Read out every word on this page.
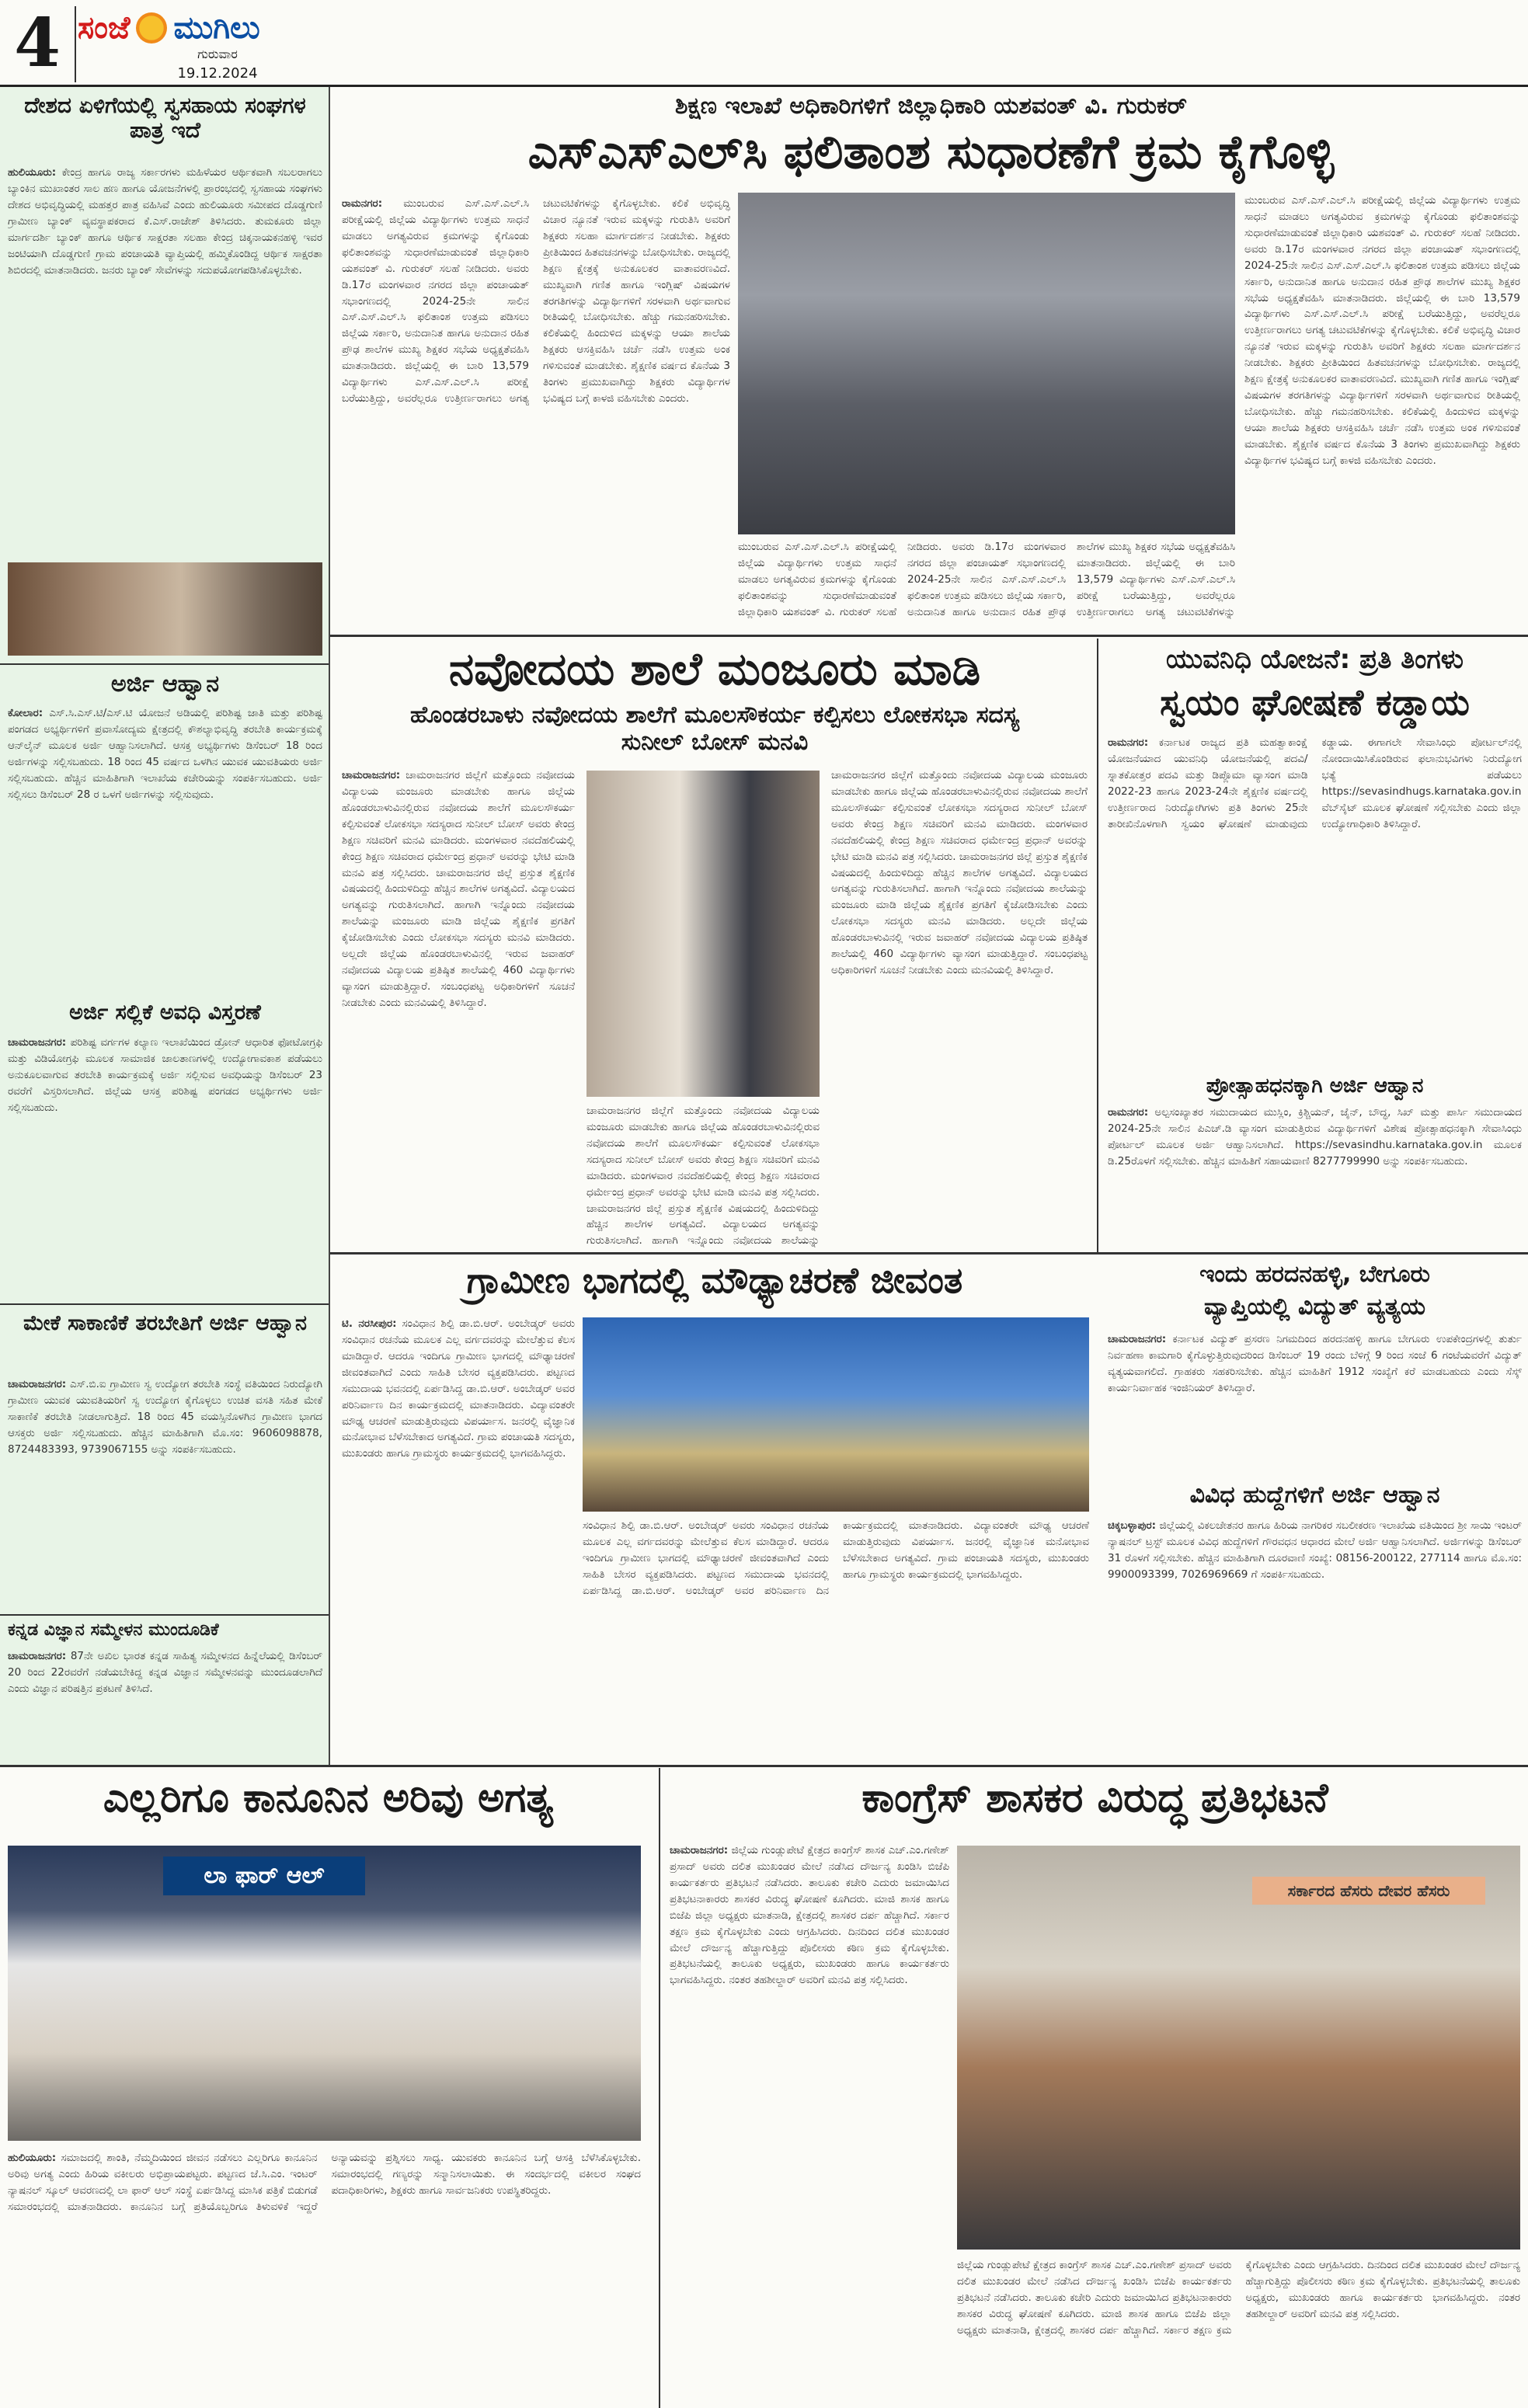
4 ಸಂಜೆ ಮುಗಿಲು
ಗುರುವಾರ
19.12.2024
ದೇಶದ ಏಳಿಗೆಯಲ್ಲಿ ಸ್ವಸಹಾಯ ಸಂಘಗಳ ಪಾತ್ರ ಇದೆ
ಹುಲಿಯೂರು: ಕೇಂದ್ರ ಹಾಗೂ ರಾಜ್ಯ ಸರ್ಕಾರಗಳು ಮಹಿಳೆಯರ ಆರ್ಥಿಕವಾಗಿ ಸಬಲರಾಗಲು ಬ್ಯಾಂಕಿನ ಮುಖಾಂತರ ಸಾಲ ಹಣ ಹಾಗೂ ಯೋಜನೆಗಳಲ್ಲಿ ಪ್ರಾರಂಭದಲ್ಲಿ ಸ್ವಸಹಾಯ ಸಂಘಗಳು ದೇಶದ ಅಭಿವೃದ್ಧಿಯಲ್ಲಿ ಮಹತ್ತರ ಪಾತ್ರ ವಹಿಸಿವೆ ಎಂದು ಹುಲಿಯೂರು ಸಮೀಪದ ದೊಡ್ಡಗುಣಿ ಗ್ರಾಮೀಣ ಬ್ಯಾಂಕ್ ವ್ಯವಸ್ಥಾಪಕರಾದ ಕೆ.ಎಸ್.ರಾಜೇಶ್ ತಿಳಿಸಿದರು. ತುಮಕೂರು ಜಿಲ್ಲಾ ಮಾರ್ಗದರ್ಶಿ ಬ್ಯಾಂಕ್ ಹಾಗೂ ಆರ್ಥಿಕ ಸಾಕ್ಷರತಾ ಸಲಹಾ ಕೇಂದ್ರ ಚಿಕ್ಕನಾಯಕನಹಳ್ಳಿ ಇವರ ಜಂಟಿಯಾಗಿ ದೊಡ್ಡಗುಣಿ ಗ್ರಾಮ ಪಂಚಾಯತಿ ವ್ಯಾಪ್ತಿಯಲ್ಲಿ ಹಮ್ಮಿಕೊಂಡಿದ್ದ ಆರ್ಥಿಕ ಸಾಕ್ಷರತಾ ಶಿಬಿರದಲ್ಲಿ ಮಾತನಾಡಿದರು. ಜನರು ಬ್ಯಾಂಕ್ ಸೇವೆಗಳನ್ನು ಸದುಪಯೋಗಪಡಿಸಿಕೊಳ್ಳಬೇಕು.
ಅರ್ಜಿ ಆಹ್ವಾನ
ಕೋಲಾರ: ಎಸ್.ಸಿ.ಎಸ್.ಟಿ/ಎಸ್.ಟಿ ಯೋಜನೆ ಅಡಿಯಲ್ಲಿ ಪರಿಶಿಷ್ಟ ಜಾತಿ ಮತ್ತು ಪರಿಶಿಷ್ಟ ಪಂಗಡದ ಅಭ್ಯರ್ಥಿಗಳಿಗೆ ಪ್ರವಾಸೋದ್ಯಮ ಕ್ಷೇತ್ರದಲ್ಲಿ ಕೌಶಲ್ಯಾಭಿವೃದ್ಧಿ ತರಬೇತಿ ಕಾರ್ಯಕ್ರಮಕ್ಕೆ ಆನ್‌ಲೈನ್ ಮೂಲಕ ಅರ್ಜಿ ಆಹ್ವಾನಿಸಲಾಗಿದೆ. ಆಸಕ್ತ ಅಭ್ಯರ್ಥಿಗಳು ಡಿಸೆಂಬರ್ 18 ರಿಂದ ಅರ್ಜಿಗಳನ್ನು ಸಲ್ಲಿಸಬಹುದು. 18 ರಿಂದ 45 ವರ್ಷದ ಒಳಗಿನ ಯುವಕ ಯುವತಿಯರು ಅರ್ಜಿ ಸಲ್ಲಿಸಬಹುದು. ಹೆಚ್ಚಿನ ಮಾಹಿತಿಗಾಗಿ ಇಲಾಖೆಯ ಕಚೇರಿಯನ್ನು ಸಂಪರ್ಕಿಸಬಹುದು. ಅರ್ಜಿ ಸಲ್ಲಿಸಲು ಡಿಸೆಂಬರ್ 28 ರ ಒಳಗೆ ಅರ್ಜಿಗಳನ್ನು ಸಲ್ಲಿಸುವುದು.
ಅರ್ಜಿ ಸಲ್ಲಿಕೆ ಅವಧಿ ವಿಸ್ತರಣೆ
ಚಾಮರಾಜನಗರ: ಪರಿಶಿಷ್ಟ ವರ್ಗಗಳ ಕಲ್ಯಾಣ ಇಲಾಖೆಯಿಂದ ಡ್ರೋನ್ ಆಧಾರಿತ ಫೋಟೋಗ್ರಫಿ ಮತ್ತು ವಿಡಿಯೋಗ್ರಫಿ ಮೂಲಕ ಸಾಮಾಜಿಕ ಜಾಲತಾಣಗಳಲ್ಲಿ ಉದ್ಯೋಗಾವಕಾಶ ಪಡೆಯಲು ಅನುಕೂಲವಾಗುವ ತರಬೇತಿ ಕಾರ್ಯಕ್ರಮಕ್ಕೆ ಅರ್ಜಿ ಸಲ್ಲಿಸುವ ಅವಧಿಯನ್ನು ಡಿಸೆಂಬರ್ 23 ರವರೆಗೆ ವಿಸ್ತರಿಸಲಾಗಿದೆ. ಜಿಲ್ಲೆಯ ಆಸಕ್ತ ಪರಿಶಿಷ್ಟ ಪಂಗಡದ ಅಭ್ಯರ್ಥಿಗಳು ಅರ್ಜಿ ಸಲ್ಲಿಸಬಹುದು.
ಮೇಕೆ ಸಾಕಾಣಿಕೆ ತರಬೇತಿಗೆ ಅರ್ಜಿ ಆಹ್ವಾನ
ಚಾಮರಾಜನಗರ: ಎಸ್.ಬಿ.ಐ ಗ್ರಾಮೀಣ ಸ್ವ ಉದ್ಯೋಗ ತರಬೇತಿ ಸಂಸ್ಥೆ ವತಿಯಿಂದ ನಿರುದ್ಯೋಗಿ ಗ್ರಾಮೀಣ ಯುವಕ ಯುವತಿಯರಿಗೆ ಸ್ವ ಉದ್ಯೋಗ ಕೈಗೊಳ್ಳಲು ಉಚಿತ ವಸತಿ ಸಹಿತ ಮೇಕೆ ಸಾಕಾಣಿಕೆ ತರಬೇತಿ ನೀಡಲಾಗುತ್ತಿದೆ. 18 ರಿಂದ 45 ವಯಸ್ಸಿನೊಳಗಿನ ಗ್ರಾಮೀಣ ಭಾಗದ ಆಸಕ್ತರು ಅರ್ಜಿ ಸಲ್ಲಿಸಬಹುದು. ಹೆಚ್ಚಿನ ಮಾಹಿತಿಗಾಗಿ ಮೊ.ಸಂ: 9606098878, 8724483393, 9739067155 ಅನ್ನು ಸಂಪರ್ಕಿಸಬಹುದು.
ಕನ್ನಡ ವಿಜ್ಞಾನ ಸಮ್ಮೇಳನ ಮುಂದೂಡಿಕೆ
ಚಾಮರಾಜನಗರ: 87ನೇ ಅಖಿಲ ಭಾರತ ಕನ್ನಡ ಸಾಹಿತ್ಯ ಸಮ್ಮೇಳನದ ಹಿನ್ನೆಲೆಯಲ್ಲಿ ಡಿಸೆಂಬರ್ 20 ರಿಂದ 22ರವರೆಗೆ ನಡೆಯಬೇಕಿದ್ದ ಕನ್ನಡ ವಿಜ್ಞಾನ ಸಮ್ಮೇಳನವನ್ನು ಮುಂದೂಡಲಾಗಿದೆ ಎಂದು ವಿಜ್ಞಾನ ಪರಿಷತ್ತಿನ ಪ್ರಕಟಣೆ ತಿಳಿಸಿದೆ.
ಶಿಕ್ಷಣ ಇಲಾಖೆ ಅಧಿಕಾರಿಗಳಿಗೆ ಜಿಲ್ಲಾಧಿಕಾರಿ ಯಶವಂತ್ ವಿ. ಗುರುಕರ್
ಎಸ್‌ಎಸ್‌ಎಲ್‌ಸಿ ಫಲಿತಾಂಶ ಸುಧಾರಣೆಗೆ ಕ್ರಮ ಕೈಗೊಳ್ಳಿ
ರಾಮನಗರ: ಮುಂಬರುವ ಎಸ್.ಎಸ್.ಎಲ್.ಸಿ ಪರೀಕ್ಷೆಯಲ್ಲಿ ಜಿಲ್ಲೆಯ ವಿದ್ಯಾರ್ಥಿಗಳು ಉತ್ತಮ ಸಾಧನೆ ಮಾಡಲು ಅಗತ್ಯವಿರುವ ಕ್ರಮಗಳನ್ನು ಕೈಗೊಂಡು ಫಲಿತಾಂಶವನ್ನು ಸುಧಾರಣೆಮಾಡುವಂತೆ ಜಿಲ್ಲಾಧಿಕಾರಿ ಯಶವಂತ್ ವಿ. ಗುರುಕರ್ ಸಲಹೆ ನೀಡಿದರು. ಅವರು ಡಿ.17ರ ಮಂಗಳವಾರ ನಗರದ ಜಿಲ್ಲಾ ಪಂಚಾಯತ್ ಸಭಾಂಗಣದಲ್ಲಿ 2024-25ನೇ ಸಾಲಿನ ಎಸ್.ಎಸ್.ಎಲ್.ಸಿ ಫಲಿತಾಂಶ ಉತ್ತಮ ಪಡಿಸಲು ಜಿಲ್ಲೆಯ ಸರ್ಕಾರಿ, ಅನುದಾನಿತ ಹಾಗೂ ಅನುದಾನ ರಹಿತ ಪ್ರೌಢ ಶಾಲೆಗಳ ಮುಖ್ಯ ಶಿಕ್ಷಕರ ಸಭೆಯ ಅಧ್ಯಕ್ಷತೆವಹಿಸಿ ಮಾತನಾಡಿದರು. ಜಿಲ್ಲೆಯಲ್ಲಿ ಈ ಬಾರಿ 13,579 ವಿದ್ಯಾರ್ಥಿಗಳು ಎಸ್.ಎಸ್.ಎಲ್.ಸಿ ಪರೀಕ್ಷೆ ಬರೆಯುತ್ತಿದ್ದು, ಅವರೆಲ್ಲರೂ ಉತ್ತೀರ್ಣರಾಗಲು ಅಗತ್ಯ ಚಟುವಟಿಕೆಗಳನ್ನು ಕೈಗೊಳ್ಳಬೇಕು. ಕಲಿಕೆ ಅಭಿವೃದ್ಧಿ ವಿಚಾರ ನ್ಯೂನತೆ ಇರುವ ಮಕ್ಕಳನ್ನು ಗುರುತಿಸಿ ಅವರಿಗೆ ಶಿಕ್ಷಕರು ಸಲಹಾ ಮಾರ್ಗದರ್ಶನ ನೀಡಬೇಕು. ಶಿಕ್ಷಕರು ಪ್ರೀತಿಯಿಂದ ಹಿತವಚನಗಳನ್ನು ಬೋಧಿಸಬೇಕು. ರಾಜ್ಯದಲ್ಲಿ ಶಿಕ್ಷಣ ಕ್ಷೇತ್ರಕ್ಕೆ ಅನುಕೂಲಕರ ವಾತಾವರಣವಿದೆ. ಮುಖ್ಯವಾಗಿ ಗಣಿತ ಹಾಗೂ ಇಂಗ್ಲಿಷ್ ವಿಷಯಗಳ ತರಗತಿಗಳನ್ನು ವಿದ್ಯಾರ್ಥಿಗಳಿಗೆ ಸರಳವಾಗಿ ಅರ್ಥವಾಗುವ ರೀತಿಯಲ್ಲಿ ಬೋಧಿಸಬೇಕು. ಹೆಚ್ಚು ಗಮನಹರಿಸಬೇಕು. ಕಲಿಕೆಯಲ್ಲಿ ಹಿಂದುಳಿದ ಮಕ್ಕಳನ್ನು ಆಯಾ ಶಾಲೆಯ ಶಿಕ್ಷಕರು ಆಸಕ್ತಿವಹಿಸಿ ಚರ್ಚೆ ನಡೆಸಿ ಉತ್ತಮ ಅಂಕ ಗಳಿಸುವಂತೆ ಮಾಡಬೇಕು. ಶೈಕ್ಷಣಿಕ ವರ್ಷದ ಕೊನೆಯ 3 ತಿಂಗಳು ಪ್ರಮುಖವಾಗಿದ್ದು ಶಿಕ್ಷಕರು ವಿದ್ಯಾರ್ಥಿಗಳ ಭವಿಷ್ಯದ ಬಗ್ಗೆ ಕಾಳಜಿ ವಹಿಸಬೇಕು ಎಂದರು.
ಮುಂಬರುವ ಎಸ್.ಎಸ್.ಎಲ್.ಸಿ ಪರೀಕ್ಷೆಯಲ್ಲಿ ಜಿಲ್ಲೆಯ ವಿದ್ಯಾರ್ಥಿಗಳು ಉತ್ತಮ ಸಾಧನೆ ಮಾಡಲು ಅಗತ್ಯವಿರುವ ಕ್ರಮಗಳನ್ನು ಕೈಗೊಂಡು ಫಲಿತಾಂಶವನ್ನು ಸುಧಾರಣೆಮಾಡುವಂತೆ ಜಿಲ್ಲಾಧಿಕಾರಿ ಯಶವಂತ್ ವಿ. ಗುರುಕರ್ ಸಲಹೆ ನೀಡಿದರು. ಅವರು ಡಿ.17ರ ಮಂಗಳವಾರ ನಗರದ ಜಿಲ್ಲಾ ಪಂಚಾಯತ್ ಸಭಾಂಗಣದಲ್ಲಿ 2024-25ನೇ ಸಾಲಿನ ಎಸ್.ಎಸ್.ಎಲ್.ಸಿ ಫಲಿತಾಂಶ ಉತ್ತಮ ಪಡಿಸಲು ಜಿಲ್ಲೆಯ ಸರ್ಕಾರಿ, ಅನುದಾನಿತ ಹಾಗೂ ಅನುದಾನ ರಹಿತ ಪ್ರೌಢ ಶಾಲೆಗಳ ಮುಖ್ಯ ಶಿಕ್ಷಕರ ಸಭೆಯ ಅಧ್ಯಕ್ಷತೆವಹಿಸಿ ಮಾತನಾಡಿದರು. ಜಿಲ್ಲೆಯಲ್ಲಿ ಈ ಬಾರಿ 13,579 ವಿದ್ಯಾರ್ಥಿಗಳು ಎಸ್.ಎಸ್.ಎಲ್.ಸಿ ಪರೀಕ್ಷೆ ಬರೆಯುತ್ತಿದ್ದು, ಅವರೆಲ್ಲರೂ ಉತ್ತೀರ್ಣರಾಗಲು ಅಗತ್ಯ ಚಟುವಟಿಕೆಗಳನ್ನು ಕೈಗೊಳ್ಳಬೇಕು. ಕಲಿಕೆ ಅಭಿವೃದ್ಧಿ ವಿಚಾರ ನ್ಯೂನತೆ ಇರುವ ಮಕ್ಕಳನ್ನು ಗುರುತಿಸಿ ಅವರಿಗೆ ಶಿಕ್ಷಕರು ಸಲಹಾ ಮಾರ್ಗದರ್ಶನ ನೀಡಬೇಕು. ಶಿಕ್ಷಕರು ಪ್ರೀತಿಯಿಂದ ಹಿತವಚನಗಳನ್ನು ಬೋಧಿಸಬೇಕು. ರಾಜ್ಯದಲ್ಲಿ ಶಿಕ್ಷಣ ಕ್ಷೇತ್ರಕ್ಕೆ ಅನುಕೂಲಕರ ವಾತಾವರಣವಿದೆ. ಮುಖ್ಯವಾಗಿ ಗಣಿತ ಹಾಗೂ ಇಂಗ್ಲಿಷ್ ವಿಷಯಗಳ ತರಗತಿಗಳನ್ನು ವಿದ್ಯಾರ್ಥಿಗಳಿಗೆ ಸರಳವಾಗಿ ಅರ್ಥವಾಗುವ ರೀತಿಯಲ್ಲಿ ಬೋಧಿಸಬೇಕು. ಹೆಚ್ಚು ಗಮನಹರಿಸಬೇಕು. ಕಲಿಕೆಯಲ್ಲಿ ಹಿಂದುಳಿದ ಮಕ್ಕಳನ್ನು ಆಯಾ ಶಾಲೆಯ ಶಿಕ್ಷಕರು ಆಸಕ್ತಿವಹಿಸಿ ಚರ್ಚೆ ನಡೆಸಿ ಉತ್ತಮ ಅಂಕ ಗಳಿಸುವಂತೆ ಮಾಡಬೇಕು. ಶೈಕ್ಷಣಿಕ ವರ್ಷದ ಕೊನೆಯ 3 ತಿಂಗಳು ಪ್ರಮುಖವಾಗಿದ್ದು ಶಿಕ್ಷಕರು ವಿದ್ಯಾರ್ಥಿಗಳ ಭವಿಷ್ಯದ ಬಗ್ಗೆ ಕಾಳಜಿ ವಹಿಸಬೇಕು ಎಂದರು.
ಮುಂಬರುವ ಎಸ್.ಎಸ್.ಎಲ್.ಸಿ ಪರೀಕ್ಷೆಯಲ್ಲಿ ಜಿಲ್ಲೆಯ ವಿದ್ಯಾರ್ಥಿಗಳು ಉತ್ತಮ ಸಾಧನೆ ಮಾಡಲು ಅಗತ್ಯವಿರುವ ಕ್ರಮಗಳನ್ನು ಕೈಗೊಂಡು ಫಲಿತಾಂಶವನ್ನು ಸುಧಾರಣೆಮಾಡುವಂತೆ ಜಿಲ್ಲಾಧಿಕಾರಿ ಯಶವಂತ್ ವಿ. ಗುರುಕರ್ ಸಲಹೆ ನೀಡಿದರು. ಅವರು ಡಿ.17ರ ಮಂಗಳವಾರ ನಗರದ ಜಿಲ್ಲಾ ಪಂಚಾಯತ್ ಸಭಾಂಗಣದಲ್ಲಿ 2024-25ನೇ ಸಾಲಿನ ಎಸ್.ಎಸ್.ಎಲ್.ಸಿ ಫಲಿತಾಂಶ ಉತ್ತಮ ಪಡಿಸಲು ಜಿಲ್ಲೆಯ ಸರ್ಕಾರಿ, ಅನುದಾನಿತ ಹಾಗೂ ಅನುದಾನ ರಹಿತ ಪ್ರೌಢ ಶಾಲೆಗಳ ಮುಖ್ಯ ಶಿಕ್ಷಕರ ಸಭೆಯ ಅಧ್ಯಕ್ಷತೆವಹಿಸಿ ಮಾತನಾಡಿದರು. ಜಿಲ್ಲೆಯಲ್ಲಿ ಈ ಬಾರಿ 13,579 ವಿದ್ಯಾರ್ಥಿಗಳು ಎಸ್.ಎಸ್.ಎಲ್.ಸಿ ಪರೀಕ್ಷೆ ಬರೆಯುತ್ತಿದ್ದು, ಅವರೆಲ್ಲರೂ ಉತ್ತೀರ್ಣರಾಗಲು ಅಗತ್ಯ ಚಟುವಟಿಕೆಗಳನ್ನು
ನವೋದಯ ಶಾಲೆ ಮಂಜೂರು ಮಾಡಿ
ಹೊಂಡರಬಾಳು ನವೋದಯ ಶಾಲೆಗೆ ಮೂಲಸೌಕರ್ಯ ಕಲ್ಪಿಸಲು ಲೋಕಸಭಾ ಸದಸ್ಯ ಸುನೀಲ್ ಬೋಸ್ ಮನವಿ
ಚಾಮರಾಜನಗರ: ಚಾಮರಾಜನಗರ ಜಿಲ್ಲೆಗೆ ಮತ್ತೊಂದು ನವೋದಯ ವಿದ್ಯಾಲಯ ಮಂಜೂರು ಮಾಡಬೇಕು ಹಾಗೂ ಜಿಲ್ಲೆಯ ಹೊಂಡರಬಾಳುವಿನಲ್ಲಿರುವ ನವೋದಯ ಶಾಲೆಗೆ ಮೂಲಸೌಕರ್ಯ ಕಲ್ಪಿಸುವಂತೆ ಲೋಕಸಭಾ ಸದಸ್ಯರಾದ ಸುನೀಲ್ ಬೋಸ್ ಅವರು ಕೇಂದ್ರ ಶಿಕ್ಷಣ ಸಚಿವರಿಗೆ ಮನವಿ ಮಾಡಿದರು. ಮಂಗಳವಾರ ನವದೆಹಲಿಯಲ್ಲಿ ಕೇಂದ್ರ ಶಿಕ್ಷಣ ಸಚಿವರಾದ ಧರ್ಮೇಂದ್ರ ಪ್ರಧಾನ್ ಅವರನ್ನು ಭೇಟಿ ಮಾಡಿ ಮನವಿ ಪತ್ರ ಸಲ್ಲಿಸಿದರು. ಚಾಮರಾಜನಗರ ಜಿಲ್ಲೆ ಪ್ರಸ್ತುತ ಶೈಕ್ಷಣಿಕ ವಿಷಯದಲ್ಲಿ ಹಿಂದುಳಿದಿದ್ದು ಹೆಚ್ಚಿನ ಶಾಲೆಗಳ ಅಗತ್ಯವಿದೆ. ವಿದ್ಯಾಲಯದ ಅಗತ್ಯವನ್ನು ಗುರುತಿಸಲಾಗಿದೆ. ಹಾಗಾಗಿ ಇನ್ನೊಂದು ನವೋದಯ ಶಾಲೆಯನ್ನು ಮಂಜೂರು ಮಾಡಿ ಜಿಲ್ಲೆಯ ಶೈಕ್ಷಣಿಕ ಪ್ರಗತಿಗೆ ಕೈಜೋಡಿಸಬೇಕು ಎಂದು ಲೋಕಸಭಾ ಸದಸ್ಯರು ಮನವಿ ಮಾಡಿದರು. ಅಲ್ಲದೇ ಜಿಲ್ಲೆಯ ಹೊಂಡರಬಾಳುವಿನಲ್ಲಿ ಇರುವ ಜವಾಹರ್ ನವೋದಯ ವಿದ್ಯಾಲಯ ಪ್ರತಿಷ್ಠಿತ ಶಾಲೆಯಲ್ಲಿ 460 ವಿದ್ಯಾರ್ಥಿಗಳು ವ್ಯಾಸಂಗ ಮಾಡುತ್ತಿದ್ದಾರೆ. ಸಂಬಂಧಪಟ್ಟ ಅಧಿಕಾರಿಗಳಿಗೆ ಸೂಚನೆ ನೀಡಬೇಕು ಎಂದು ಮನವಿಯಲ್ಲಿ ತಿಳಿಸಿದ್ದಾರೆ.
ಚಾಮರಾಜನಗರ ಜಿಲ್ಲೆಗೆ ಮತ್ತೊಂದು ನವೋದಯ ವಿದ್ಯಾಲಯ ಮಂಜೂರು ಮಾಡಬೇಕು ಹಾಗೂ ಜಿಲ್ಲೆಯ ಹೊಂಡರಬಾಳುವಿನಲ್ಲಿರುವ ನವೋದಯ ಶಾಲೆಗೆ ಮೂಲಸೌಕರ್ಯ ಕಲ್ಪಿಸುವಂತೆ ಲೋಕಸಭಾ ಸದಸ್ಯರಾದ ಸುನೀಲ್ ಬೋಸ್ ಅವರು ಕೇಂದ್ರ ಶಿಕ್ಷಣ ಸಚಿವರಿಗೆ ಮನವಿ ಮಾಡಿದರು. ಮಂಗಳವಾರ ನವದೆಹಲಿಯಲ್ಲಿ ಕೇಂದ್ರ ಶಿಕ್ಷಣ ಸಚಿವರಾದ ಧರ್ಮೇಂದ್ರ ಪ್ರಧಾನ್ ಅವರನ್ನು ಭೇಟಿ ಮಾಡಿ ಮನವಿ ಪತ್ರ ಸಲ್ಲಿಸಿದರು. ಚಾಮರಾಜನಗರ ಜಿಲ್ಲೆ ಪ್ರಸ್ತುತ ಶೈಕ್ಷಣಿಕ ವಿಷಯದಲ್ಲಿ ಹಿಂದುಳಿದಿದ್ದು ಹೆಚ್ಚಿನ ಶಾಲೆಗಳ ಅಗತ್ಯವಿದೆ. ವಿದ್ಯಾಲಯದ ಅಗತ್ಯವನ್ನು ಗುರುತಿಸಲಾಗಿದೆ. ಹಾಗಾಗಿ ಇನ್ನೊಂದು ನವೋದಯ ಶಾಲೆಯನ್ನು ಮಂಜೂರು ಮಾಡಿ ಜಿಲ್ಲೆಯ ಶೈಕ್ಷಣಿಕ ಪ್ರಗತಿಗೆ ಕೈಜೋಡಿಸಬೇಕು ಎಂದು ಲೋಕಸಭಾ ಸದಸ್ಯರು ಮನವಿ ಮಾಡಿದರು. ಅಲ್ಲದೇ ಜಿಲ್ಲೆಯ ಹೊಂಡರಬಾಳುವಿನಲ್ಲಿ ಇರುವ ಜವಾಹರ್ ನವೋದಯ ವಿದ್ಯಾಲಯ ಪ್ರತಿಷ್ಠಿತ ಶಾಲೆಯಲ್ಲಿ 460 ವಿದ್ಯಾರ್ಥಿಗಳು ವ್ಯಾಸಂಗ ಮಾಡುತ್ತಿದ್ದಾರೆ. ಸಂಬಂಧಪಟ್ಟ ಅಧಿಕಾರಿಗಳಿಗೆ ಸೂಚನೆ ನೀಡಬೇಕು ಎಂದು ಮನವಿಯಲ್ಲಿ ತಿಳಿಸಿದ್ದಾರೆ.
ಚಾಮರಾಜನಗರ ಜಿಲ್ಲೆಗೆ ಮತ್ತೊಂದು ನವೋದಯ ವಿದ್ಯಾಲಯ ಮಂಜೂರು ಮಾಡಬೇಕು ಹಾಗೂ ಜಿಲ್ಲೆಯ ಹೊಂಡರಬಾಳುವಿನಲ್ಲಿರುವ ನವೋದಯ ಶಾಲೆಗೆ ಮೂಲಸೌಕರ್ಯ ಕಲ್ಪಿಸುವಂತೆ ಲೋಕಸಭಾ ಸದಸ್ಯರಾದ ಸುನೀಲ್ ಬೋಸ್ ಅವರು ಕೇಂದ್ರ ಶಿಕ್ಷಣ ಸಚಿವರಿಗೆ ಮನವಿ ಮಾಡಿದರು. ಮಂಗಳವಾರ ನವದೆಹಲಿಯಲ್ಲಿ ಕೇಂದ್ರ ಶಿಕ್ಷಣ ಸಚಿವರಾದ ಧರ್ಮೇಂದ್ರ ಪ್ರಧಾನ್ ಅವರನ್ನು ಭೇಟಿ ಮಾಡಿ ಮನವಿ ಪತ್ರ ಸಲ್ಲಿಸಿದರು. ಚಾಮರಾಜನಗರ ಜಿಲ್ಲೆ ಪ್ರಸ್ತುತ ಶೈಕ್ಷಣಿಕ ವಿಷಯದಲ್ಲಿ ಹಿಂದುಳಿದಿದ್ದು ಹೆಚ್ಚಿನ ಶಾಲೆಗಳ ಅಗತ್ಯವಿದೆ. ವಿದ್ಯಾಲಯದ ಅಗತ್ಯವನ್ನು ಗುರುತಿಸಲಾಗಿದೆ. ಹಾಗಾಗಿ ಇನ್ನೊಂದು ನವೋದಯ ಶಾಲೆಯನ್ನು
ಯುವನಿಧಿ ಯೋಜನೆ: ಪ್ರತಿ ತಿಂಗಳು
ಸ್ವಯಂ ಘೋಷಣೆ ಕಡ್ಡಾಯ
ರಾಮನಗರ: ಕರ್ನಾಟಕ ರಾಜ್ಯದ ಪ್ರತಿ ಮಹತ್ವಾಕಾಂಕ್ಷೆ ಯೋಜನೆಯಾದ ಯುವನಿಧಿ ಯೋಜನೆಯಲ್ಲಿ ಪದವಿ/ಸ್ನಾತಕೋತ್ತರ ಪದವಿ ಮತ್ತು ಡಿಪ್ಲೊಮಾ ವ್ಯಾಸಂಗ ಮಾಡಿ 2022-23 ಹಾಗೂ 2023-24ನೇ ಶೈಕ್ಷಣಿಕ ವರ್ಷದಲ್ಲಿ ಉತ್ತೀರ್ಣರಾದ ನಿರುದ್ಯೋಗಿಗಳು ಪ್ರತಿ ತಿಂಗಳು 25ನೇ ತಾರೀಖಿನೊಳಗಾಗಿ ಸ್ವಯಂ ಘೋಷಣೆ ಮಾಡುವುದು ಕಡ್ಡಾಯ. ಈಗಾಗಲೇ ಸೇವಾಸಿಂಧು ಪೋರ್ಟಲ್‌ನಲ್ಲಿ ನೋಂದಾಯಿಸಿಕೊಂಡಿರುವ ಫಲಾನುಭವಿಗಳು ನಿರುದ್ಯೋಗ ಭತ್ಯೆ ಪಡೆಯಲು https://sevasindhugs.karnataka.gov.in ವೆಬ್‌ಸೈಟ್ ಮೂಲಕ ಘೋಷಣೆ ಸಲ್ಲಿಸಬೇಕು ಎಂದು ಜಿಲ್ಲಾ ಉದ್ಯೋಗಾಧಿಕಾರಿ ತಿಳಿಸಿದ್ದಾರೆ.
ಪ್ರೋತ್ಸಾಹಧನಕ್ಕಾಗಿ ಅರ್ಜಿ ಆಹ್ವಾನ
ರಾಮನಗರ: ಅಲ್ಪಸಂಖ್ಯಾತರ ಸಮುದಾಯದ ಮುಸ್ಲಿಂ, ಕ್ರಿಶ್ಚಿಯನ್, ಜೈನ್, ಬೌದ್ಧ, ಸಿಖ್ ಮತ್ತು ಪಾರ್ಸಿ ಸಮುದಾಯದ 2024-25ನೇ ಸಾಲಿನ ಪಿಎಚ್.ಡಿ ವ್ಯಾಸಂಗ ಮಾಡುತ್ತಿರುವ ವಿದ್ಯಾರ್ಥಿಗಳಿಗೆ ವಿಶೇಷ ಪ್ರೋತ್ಸಾಹಧನಕ್ಕಾಗಿ ಸೇವಾಸಿಂಧು ಪೋರ್ಟಲ್ ಮೂಲಕ ಅರ್ಜಿ ಆಹ್ವಾನಿಸಲಾಗಿದೆ. https://sevasindhu.karnataka.gov.in ಮೂಲಕ ಡಿ.25ರೊಳಗೆ ಸಲ್ಲಿಸಬೇಕು. ಹೆಚ್ಚಿನ ಮಾಹಿತಿಗೆ ಸಹಾಯವಾಣಿ 8277799990 ಅನ್ನು ಸಂಪರ್ಕಿಸಬಹುದು.
ಗ್ರಾಮೀಣ ಭಾಗದಲ್ಲಿ ಮೌಢ್ಯಾಚರಣೆ ಜೀವಂತ
ಟಿ. ನರಸೀಪುರ: ಸಂವಿಧಾನ ಶಿಲ್ಪಿ ಡಾ.ಬಿ.ಆರ್. ಅಂಬೇಡ್ಕರ್ ಅವರು ಸಂವಿಧಾನ ರಚನೆಯ ಮೂಲಕ ಎಲ್ಲ ವರ್ಗದವರನ್ನು ಮೇಲೆತ್ತುವ ಕೆಲಸ ಮಾಡಿದ್ದಾರೆ. ಆದರೂ ಇಂದಿಗೂ ಗ್ರಾಮೀಣ ಭಾಗದಲ್ಲಿ ಮೌಢ್ಯಾಚರಣೆ ಜೀವಂತವಾಗಿದೆ ಎಂದು ಸಾಹಿತಿ ಬೇಸರ ವ್ಯಕ್ತಪಡಿಸಿದರು. ಪಟ್ಟಣದ ಸಮುದಾಯ ಭವನದಲ್ಲಿ ಏರ್ಪಡಿಸಿದ್ದ ಡಾ.ಬಿ.ಆರ್. ಅಂಬೇಡ್ಕರ್ ಅವರ ಪರಿನಿರ್ವಾಣ ದಿನ ಕಾರ್ಯಕ್ರಮದಲ್ಲಿ ಮಾತನಾಡಿದರು. ವಿದ್ಯಾವಂತರೇ ಮೌಢ್ಯ ಆಚರಣೆ ಮಾಡುತ್ತಿರುವುದು ವಿಪರ್ಯಾಸ. ಜನರಲ್ಲಿ ವೈಜ್ಞಾನಿಕ ಮನೋಭಾವ ಬೆಳೆಸಬೇಕಾದ ಅಗತ್ಯವಿದೆ. ಗ್ರಾಮ ಪಂಚಾಯತಿ ಸದಸ್ಯರು, ಮುಖಂಡರು ಹಾಗೂ ಗ್ರಾಮಸ್ಥರು ಕಾರ್ಯಕ್ರಮದಲ್ಲಿ ಭಾಗವಹಿಸಿದ್ದರು.
ಸಂವಿಧಾನ ಶಿಲ್ಪಿ ಡಾ.ಬಿ.ಆರ್. ಅಂಬೇಡ್ಕರ್ ಅವರು ಸಂವಿಧಾನ ರಚನೆಯ ಮೂಲಕ ಎಲ್ಲ ವರ್ಗದವರನ್ನು ಮೇಲೆತ್ತುವ ಕೆಲಸ ಮಾಡಿದ್ದಾರೆ. ಆದರೂ ಇಂದಿಗೂ ಗ್ರಾಮೀಣ ಭಾಗದಲ್ಲಿ ಮೌಢ್ಯಾಚರಣೆ ಜೀವಂತವಾಗಿದೆ ಎಂದು ಸಾಹಿತಿ ಬೇಸರ ವ್ಯಕ್ತಪಡಿಸಿದರು. ಪಟ್ಟಣದ ಸಮುದಾಯ ಭವನದಲ್ಲಿ ಏರ್ಪಡಿಸಿದ್ದ ಡಾ.ಬಿ.ಆರ್. ಅಂಬೇಡ್ಕರ್ ಅವರ ಪರಿನಿರ್ವಾಣ ದಿನ ಕಾರ್ಯಕ್ರಮದಲ್ಲಿ ಮಾತನಾಡಿದರು. ವಿದ್ಯಾವಂತರೇ ಮೌಢ್ಯ ಆಚರಣೆ ಮಾಡುತ್ತಿರುವುದು ವಿಪರ್ಯಾಸ. ಜನರಲ್ಲಿ ವೈಜ್ಞಾನಿಕ ಮನೋಭಾವ ಬೆಳೆಸಬೇಕಾದ ಅಗತ್ಯವಿದೆ. ಗ್ರಾಮ ಪಂಚಾಯತಿ ಸದಸ್ಯರು, ಮುಖಂಡರು ಹಾಗೂ ಗ್ರಾಮಸ್ಥರು ಕಾರ್ಯಕ್ರಮದಲ್ಲಿ ಭಾಗವಹಿಸಿದ್ದರು.
ಇಂದು ಹರದನಹಳ್ಳಿ, ಬೇಗೂರು
ವ್ಯಾಪ್ತಿಯಲ್ಲಿ ವಿದ್ಯುತ್ ವ್ಯತ್ಯಯ
ಚಾಮರಾಜನಗರ: ಕರ್ನಾಟಕ ವಿದ್ಯುತ್ ಪ್ರಸರಣ ನಿಗಮದಿಂದ ಹರದನಹಳ್ಳಿ ಹಾಗೂ ಬೇಗೂರು ಉಪಕೇಂದ್ರಗಳಲ್ಲಿ ತುರ್ತು ನಿರ್ವಹಣಾ ಕಾಮಗಾರಿ ಕೈಗೊಳ್ಳುತ್ತಿರುವುದರಿಂದ ಡಿಸೆಂಬರ್ 19 ರಂದು ಬೆಳಿಗ್ಗೆ 9 ರಿಂದ ಸಂಜೆ 6 ಗಂಟೆಯವರೆಗೆ ವಿದ್ಯುತ್ ವ್ಯತ್ಯಯವಾಗಲಿದೆ. ಗ್ರಾಹಕರು ಸಹಕರಿಸಬೇಕು. ಹೆಚ್ಚಿನ ಮಾಹಿತಿಗೆ 1912 ಸಂಖ್ಯೆಗೆ ಕರೆ ಮಾಡಬಹುದು ಎಂದು ಸೆಸ್ಕ್ ಕಾರ್ಯನಿರ್ವಾಹಕ ಇಂಜಿನಿಯರ್ ತಿಳಿಸಿದ್ದಾರೆ.
ವಿವಿಧ ಹುದ್ದೆಗಳಿಗೆ ಅರ್ಜಿ ಆಹ್ವಾನ
ಚಿಕ್ಕಬಳ್ಳಾಪುರ: ಜಿಲ್ಲೆಯಲ್ಲಿ ವಿಕಲಚೇತನರ ಹಾಗೂ ಹಿರಿಯ ನಾಗರಿಕರ ಸಬಲೀಕರಣ ಇಲಾಖೆಯ ವತಿಯಿಂದ ಶ್ರೀ ಸಾಯಿ ಇಂಟರ್ ನ್ಯಾಷನಲ್ ಟ್ರಸ್ಟ್ ಮೂಲಕ ವಿವಿಧ ಹುದ್ದೆಗಳಿಗೆ ಗೌರವಧನ ಆಧಾರದ ಮೇಲೆ ಅರ್ಜಿ ಆಹ್ವಾನಿಸಲಾಗಿದೆ. ಅರ್ಜಿಗಳನ್ನು ಡಿಸೆಂಬರ್ 31 ರೊಳಗೆ ಸಲ್ಲಿಸಬೇಕು. ಹೆಚ್ಚಿನ ಮಾಹಿತಿಗಾಗಿ ದೂರವಾಣಿ ಸಂಖ್ಯೆ: 08156-200122, 277114 ಹಾಗೂ ಮೊ.ಸಂ: 9900093399, 7026969669 ಗೆ ಸಂಪರ್ಕಿಸಬಹುದು.
ಎಲ್ಲರಿಗೂ ಕಾನೂನಿನ ಅರಿವು ಅಗತ್ಯ
ಲಾ ಫಾರ್ ಆಲ್
ಹುಲಿಯೂರು: ಸಮಾಜದಲ್ಲಿ ಶಾಂತಿ, ನೆಮ್ಮದಿಯಿಂದ ಜೀವನ ನಡೆಸಲು ಎಲ್ಲರಿಗೂ ಕಾನೂನಿನ ಅರಿವು ಅಗತ್ಯ ಎಂದು ಹಿರಿಯ ವಕೀಲರು ಅಭಿಪ್ರಾಯಪಟ್ಟರು. ಪಟ್ಟಣದ ಜೆ.ಸಿ.ಎಂ. ಇಂಟರ್ ನ್ಯಾಷನಲ್ ಸ್ಕೂಲ್ ಆವರಣದಲ್ಲಿ ಲಾ ಫಾರ್ ಆಲ್ ಸಂಸ್ಥೆ ಏರ್ಪಡಿಸಿದ್ದ ಮಾಸಿಕ ಪತ್ರಿಕೆ ಬಿಡುಗಡೆ ಸಮಾರಂಭದಲ್ಲಿ ಮಾತನಾಡಿದರು. ಕಾನೂನಿನ ಬಗ್ಗೆ ಪ್ರತಿಯೊಬ್ಬರಿಗೂ ತಿಳುವಳಿಕೆ ಇದ್ದರೆ ಅನ್ಯಾಯವನ್ನು ಪ್ರಶ್ನಿಸಲು ಸಾಧ್ಯ. ಯುವಕರು ಕಾನೂನಿನ ಬಗ್ಗೆ ಆಸಕ್ತಿ ಬೆಳೆಸಿಕೊಳ್ಳಬೇಕು. ಸಮಾರಂಭದಲ್ಲಿ ಗಣ್ಯರನ್ನು ಸನ್ಮಾನಿಸಲಾಯಿತು. ಈ ಸಂದರ್ಭದಲ್ಲಿ ವಕೀಲರ ಸಂಘದ ಪದಾಧಿಕಾರಿಗಳು, ಶಿಕ್ಷಕರು ಹಾಗೂ ಸಾರ್ವಜನಿಕರು ಉಪಸ್ಥಿತರಿದ್ದರು.
ಕಾಂಗ್ರೆಸ್ ಶಾಸಕರ ವಿರುದ್ಧ ಪ್ರತಿಭಟನೆ
ಚಾಮರಾಜನಗರ: ಜಿಲ್ಲೆಯ ಗುಂಡ್ಲುಪೇಟೆ ಕ್ಷೇತ್ರದ ಕಾಂಗ್ರೆಸ್ ಶಾಸಕ ಎಚ್.ಎಂ.ಗಣೇಶ್ ಪ್ರಸಾದ್ ಅವರು ದಲಿತ ಮುಖಂಡರ ಮೇಲೆ ನಡೆಸಿದ ದೌರ್ಜನ್ಯ ಖಂಡಿಸಿ ಬಿಜೆಪಿ ಕಾರ್ಯಕರ್ತರು ಪ್ರತಿಭಟನೆ ನಡೆಸಿದರು. ತಾಲೂಕು ಕಚೇರಿ ಎದುರು ಜಮಾಯಿಸಿದ ಪ್ರತಿಭಟನಾಕಾರರು ಶಾಸಕರ ವಿರುದ್ಧ ಘೋಷಣೆ ಕೂಗಿದರು. ಮಾಜಿ ಶಾಸಕ ಹಾಗೂ ಬಿಜೆಪಿ ಜಿಲ್ಲಾ ಅಧ್ಯಕ್ಷರು ಮಾತನಾಡಿ, ಕ್ಷೇತ್ರದಲ್ಲಿ ಶಾಸಕರ ದರ್ಪ ಹೆಚ್ಚಾಗಿದೆ. ಸರ್ಕಾರ ತಕ್ಷಣ ಕ್ರಮ ಕೈಗೊಳ್ಳಬೇಕು ಎಂದು ಆಗ್ರಹಿಸಿದರು. ದಿನದಿಂದ ದಲಿತ ಮುಖಂಡರ ಮೇಲೆ ದೌರ್ಜನ್ಯ ಹೆಚ್ಚಾಗುತ್ತಿದ್ದು ಪೊಲೀಸರು ಕಠಿಣ ಕ್ರಮ ಕೈಗೊಳ್ಳಬೇಕು. ಪ್ರತಿಭಟನೆಯಲ್ಲಿ ತಾಲೂಕು ಅಧ್ಯಕ್ಷರು, ಮುಖಂಡರು ಹಾಗೂ ಕಾರ್ಯಕರ್ತರು ಭಾಗವಹಿಸಿದ್ದರು. ನಂತರ ತಹಶೀಲ್ದಾರ್ ಅವರಿಗೆ ಮನವಿ ಪತ್ರ ಸಲ್ಲಿಸಿದರು.
ಸರ್ಕಾರದ ಹೆಸರು ದೇವರ ಹೆಸರು
ಜಿಲ್ಲೆಯ ಗುಂಡ್ಲುಪೇಟೆ ಕ್ಷೇತ್ರದ ಕಾಂಗ್ರೆಸ್ ಶಾಸಕ ಎಚ್.ಎಂ.ಗಣೇಶ್ ಪ್ರಸಾದ್ ಅವರು ದಲಿತ ಮುಖಂಡರ ಮೇಲೆ ನಡೆಸಿದ ದೌರ್ಜನ್ಯ ಖಂಡಿಸಿ ಬಿಜೆಪಿ ಕಾರ್ಯಕರ್ತರು ಪ್ರತಿಭಟನೆ ನಡೆಸಿದರು. ತಾಲೂಕು ಕಚೇರಿ ಎದುರು ಜಮಾಯಿಸಿದ ಪ್ರತಿಭಟನಾಕಾರರು ಶಾಸಕರ ವಿರುದ್ಧ ಘೋಷಣೆ ಕೂಗಿದರು. ಮಾಜಿ ಶಾಸಕ ಹಾಗೂ ಬಿಜೆಪಿ ಜಿಲ್ಲಾ ಅಧ್ಯಕ್ಷರು ಮಾತನಾಡಿ, ಕ್ಷೇತ್ರದಲ್ಲಿ ಶಾಸಕರ ದರ್ಪ ಹೆಚ್ಚಾಗಿದೆ. ಸರ್ಕಾರ ತಕ್ಷಣ ಕ್ರಮ ಕೈಗೊಳ್ಳಬೇಕು ಎಂದು ಆಗ್ರಹಿಸಿದರು. ದಿನದಿಂದ ದಲಿತ ಮುಖಂಡರ ಮೇಲೆ ದೌರ್ಜನ್ಯ ಹೆಚ್ಚಾಗುತ್ತಿದ್ದು ಪೊಲೀಸರು ಕಠಿಣ ಕ್ರಮ ಕೈಗೊಳ್ಳಬೇಕು. ಪ್ರತಿಭಟನೆಯಲ್ಲಿ ತಾಲೂಕು ಅಧ್ಯಕ್ಷರು, ಮುಖಂಡರು ಹಾಗೂ ಕಾರ್ಯಕರ್ತರು ಭಾಗವಹಿಸಿದ್ದರು. ನಂತರ ತಹಶೀಲ್ದಾರ್ ಅವರಿಗೆ ಮನವಿ ಪತ್ರ ಸಲ್ಲಿಸಿದರು.
